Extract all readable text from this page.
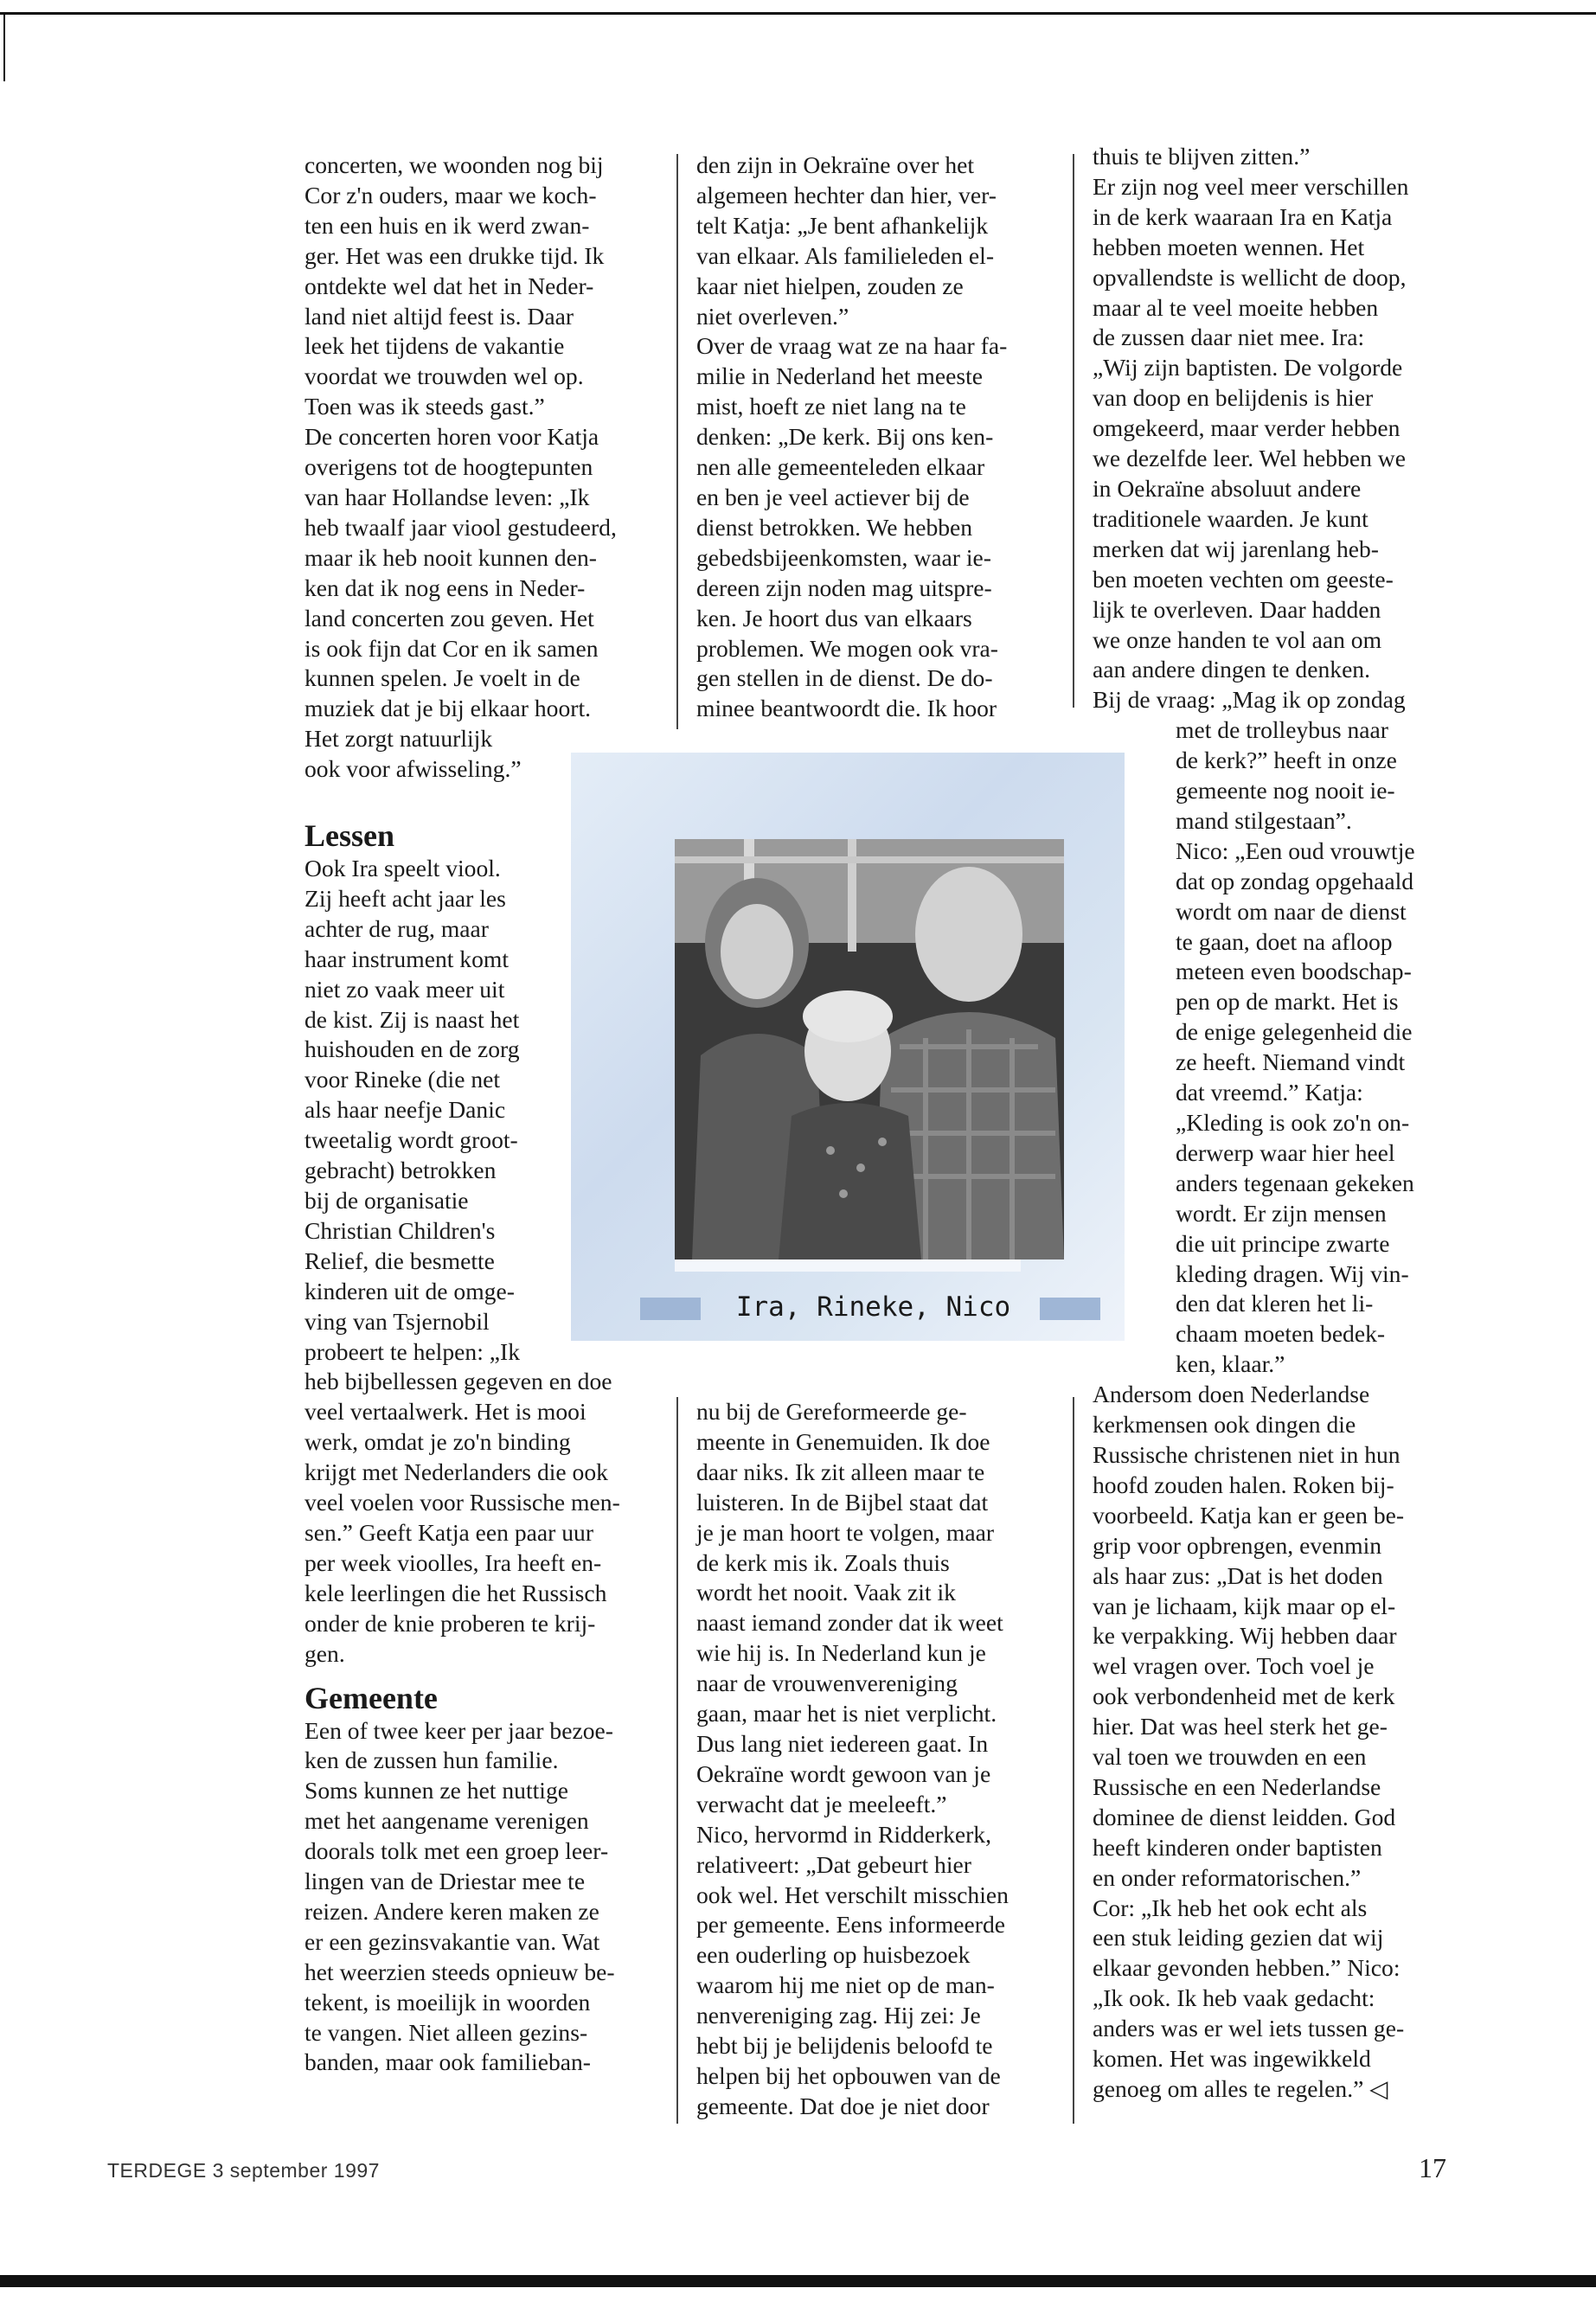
concerten, we woonden nog bij

Cor z'n ouders, maar we koch-

ten een huis en ik werd zwan-

ger. Het was een drukke tijd. Ik

ontdekte wel dat het in Neder-

land niet altijd feest is. Daar

leek het tijdens de vakantie

voordat we trouwden wel op.

Toen was ik steeds gast.”

De concerten horen voor Katja

overigens tot de hoogtepunten

van haar Hollandse leven: „Ik

heb twaalf jaar viool gestudeerd,

maar ik heb nooit kunnen den-

ken dat ik nog eens in Neder-

land concerten zou geven. Het

is ook fijn dat Cor en ik samen

kunnen spelen. Je voelt in de

muziek dat je bij elkaar hoort.

Het zorgt natuurlijk

ook voor afwisseling.”

Lessen

Ook Ira speelt viool.

Zij heeft acht jaar les

achter de rug, maar

haar instrument komt

niet zo vaak meer uit

de kist. Zij is naast het

huishouden en de zorg

voor Rineke (die net

als haar neefje Danic

tweetalig wordt groot-

gebracht) betrokken

bij de organisatie

Christian Children's

Relief, die besmette

kinderen uit de omge-

ving van Tsjernobil

probeert te helpen: „Ik

heb bijbellessen gegeven en doe

veel vertaalwerk. Het is mooi

werk, omdat je zo'n binding

krijgt met Nederlanders die ook

veel voelen voor Russische men-

sen.” Geeft Katja een paar uur

per week vioolles, Ira heeft en-

kele leerlingen die het Russisch

onder de knie proberen te krij-

gen.

Gemeente

Een of twee keer per jaar bezoe-

ken de zussen hun familie.

Soms kunnen ze het nuttige

met het aangename verenigen

doorals tolk met een groep leer-

lingen van de Driestar mee te

reizen. Andere keren maken ze

er een gezinsvakantie van. Wat

het weerzien steeds opnieuw be-

tekent, is moeilijk in woorden

te vangen. Niet alleen gezins-

banden, maar ook familieban-

den zijn in Oekraïne over het

algemeen hechter dan hier, ver-

telt Katja: „Je bent afhankelijk

van elkaar. Als familieleden el-

kaar niet hielpen, zouden ze

niet overleven.”

Over de vraag wat ze na haar fa-

milie in Nederland het meeste

mist, hoeft ze niet lang na te

denken: „De kerk. Bij ons ken-

nen alle gemeenteleden elkaar

en ben je veel actiever bij de

dienst betrokken. We hebben

gebedsbijeenkomsten, waar ie-

dereen zijn noden mag uitspre-

ken. Je hoort dus van elkaars

problemen. We mogen ook vra-

gen stellen in de dienst. De do-

minee beantwoordt die. Ik hoor

Ira, Rineke, Nico

nu bij de Gereformeerde ge-

meente in Genemuiden. Ik doe

daar niks. Ik zit alleen maar te

luisteren. In de Bijbel staat dat

je je man hoort te volgen, maar

de kerk mis ik. Zoals thuis

wordt het nooit. Vaak zit ik

naast iemand zonder dat ik weet

wie hij is. In Nederland kun je

naar de vrouwenvereniging

gaan, maar het is niet verplicht.

Dus lang niet iedereen gaat. In

Oekraïne wordt gewoon van je

verwacht dat je meeleeft.”

Nico, hervormd in Ridderkerk,

relativeert: „Dat gebeurt hier

ook wel. Het verschilt misschien

per gemeente. Eens informeerde

een ouderling op huisbezoek

waarom hij me niet op de man-

nenvereniging zag. Hij zei: Je

hebt bij je belijdenis beloofd te

helpen bij het opbouwen van de

gemeente. Dat doe je niet door

thuis te blijven zitten.”

Er zijn nog veel meer verschillen

in de kerk waaraan Ira en Katja

hebben moeten wennen. Het

opvallendste is wellicht de doop,

maar al te veel moeite hebben

de zussen daar niet mee. Ira:

„Wij zijn baptisten. De volgorde

van doop en belijdenis is hier

omgekeerd, maar verder hebben

we dezelfde leer. Wel hebben we

in Oekraïne absoluut andere

traditionele waarden. Je kunt

merken dat wij jarenlang heb-

ben moeten vechten om geeste-

lijk te overleven. Daar hadden

we onze handen te vol aan om

aan andere dingen te denken.

Bij de vraag: „Mag ik op zondag

met de trolleybus naar

de kerk?” heeft in onze

gemeente nog nooit ie-

mand stilgestaan”.

Nico: „Een oud vrouwtje

dat op zondag opgehaald

wordt om naar de dienst

te gaan, doet na afloop

meteen even boodschap-

pen op de markt. Het is

de enige gelegenheid die

ze heeft. Niemand vindt

dat vreemd.” Katja:

„Kleding is ook zo'n on-

derwerp waar hier heel

anders tegenaan gekeken

wordt. Er zijn mensen

die uit principe zwarte

kleding dragen. Wij vin-

den dat kleren het li-

chaam moeten bedek-

ken, klaar.”

Andersom doen Nederlandse

kerkmensen ook dingen die

Russische christenen niet in hun

hoofd zouden halen. Roken bij-

voorbeeld. Katja kan er geen be-

grip voor opbrengen, evenmin

als haar zus: „Dat is het doden

van je lichaam, kijk maar op el-

ke verpakking. Wij hebben daar

wel vragen over. Toch voel je

ook verbondenheid met de kerk

hier. Dat was heel sterk het ge-

val toen we trouwden en een

Russische en een Nederlandse

dominee de dienst leidden. God

heeft kinderen onder baptisten

en onder reformatorischen.”

Cor: „Ik heb het ook echt als

een stuk leiding gezien dat wij

elkaar gevonden hebben.” Nico:

„Ik ook. Ik heb vaak gedacht:

anders was er wel iets tussen ge-

komen. Het was ingewikkeld

genoeg om alles te regelen.” ◁

TERDEGE 3 september 1997	17
